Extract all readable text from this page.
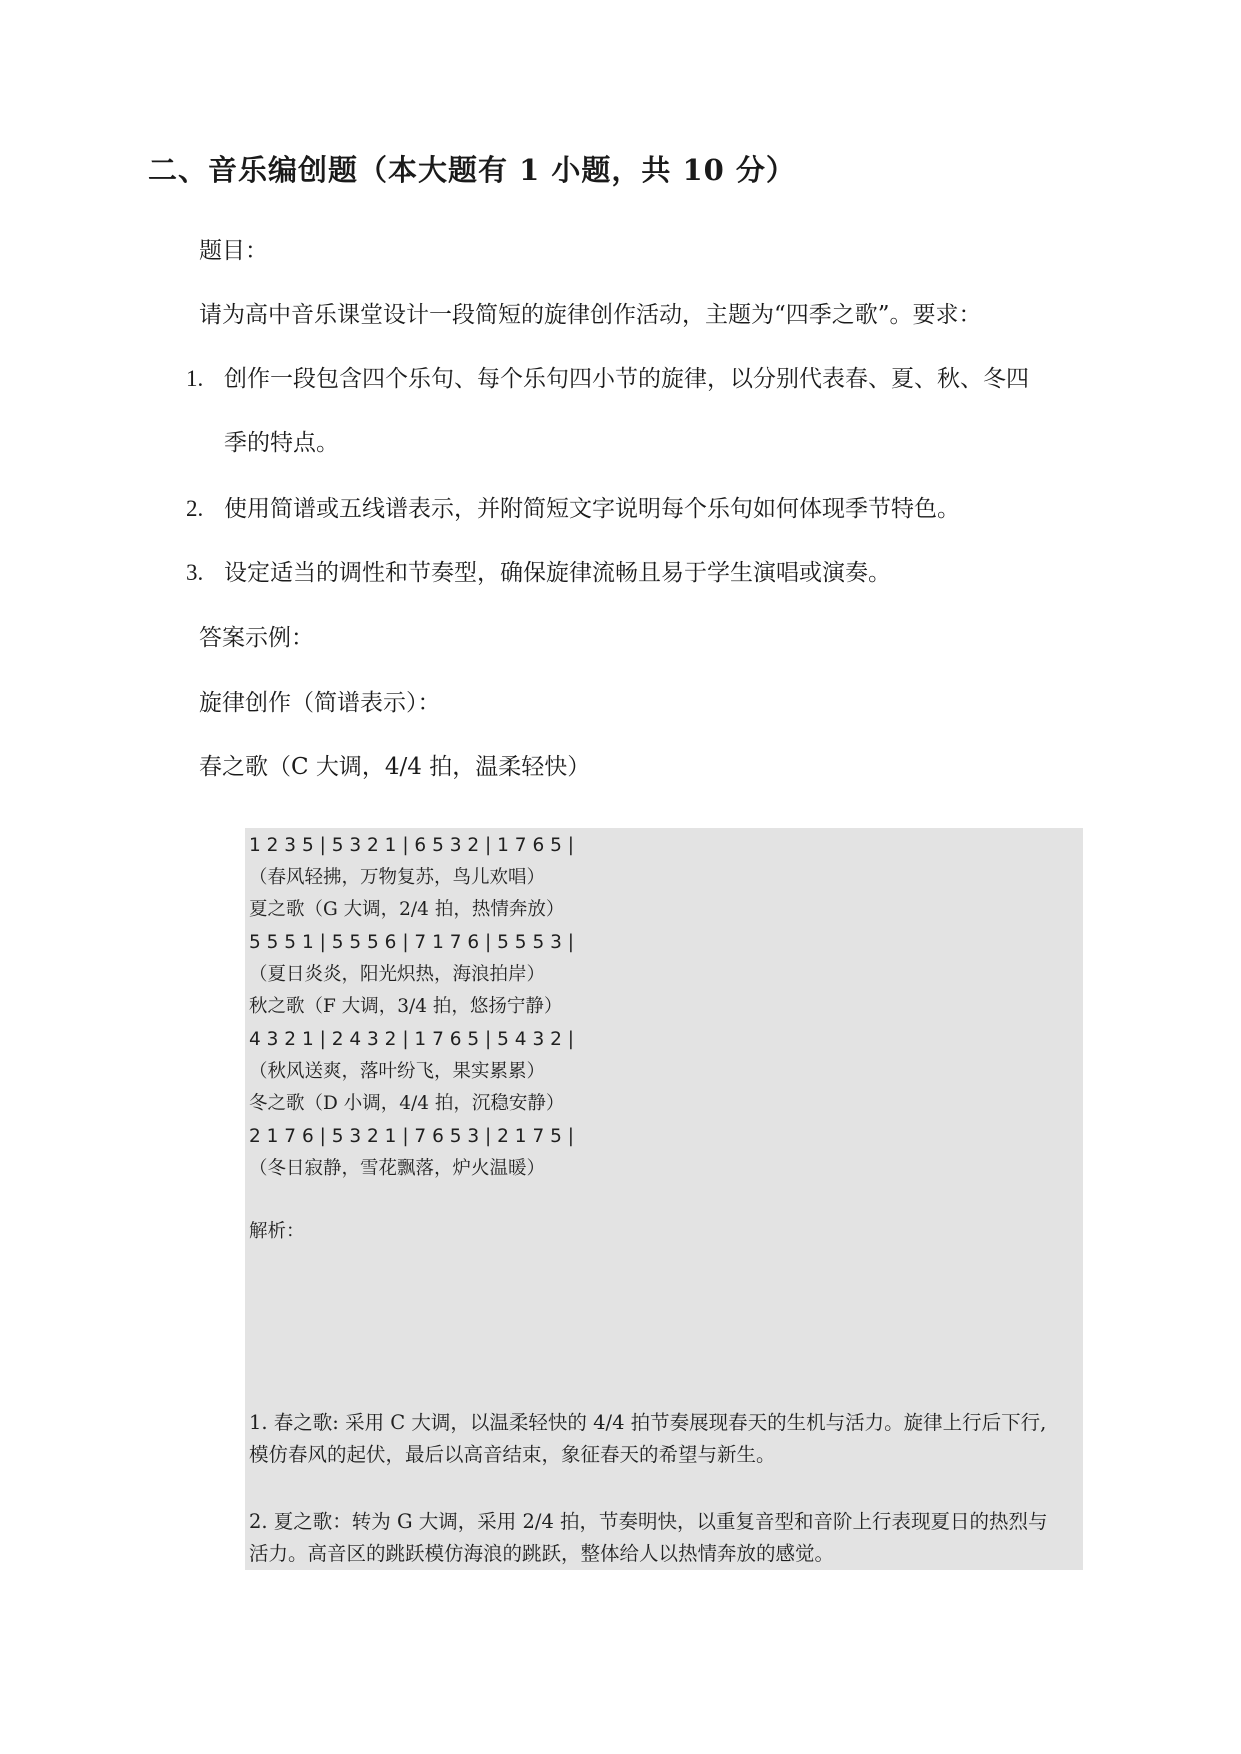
二、音乐编创题（本大题有 1 小题，共 10 分）
题目：
请为高中音乐课堂设计一段简短的旋律创作活动，主题为“四季之歌”。要求：
1. 创作一段包含四个乐句、每个乐句四小节的旋律，以分别代表春、夏、秋、冬四
季的特点。
2. 使用简谱或五线谱表示，并附简短文字说明每个乐句如何体现季节特色。
3. 设定适当的调性和节奏型，确保旋律流畅且易于学生演唱或演奏。
答案示例：
旋律创作（简谱表示）：
春之歌（C 大调，4/4 拍，温柔轻快）
1 2 3 5 | 5 3 2 1 | 6 5 3 2 | 1 7 6 5 |
（春风轻拂，万物复苏，鸟儿欢唱）
夏之歌（G 大调，2/4 拍，热情奔放）
5 5 5 1 | 5 5 5 6 | 7 1 7 6 | 5 5 5 3 |
（夏日炎炎，阳光炽热，海浪拍岸）
秋之歌（F 大调，3/4 拍，悠扬宁静）
4 3 2 1 | 2 4 3 2 | 1 7 6 5 | 5 4 3 2 |
（秋风送爽，落叶纷飞，果实累累）
冬之歌（D 小调，4/4 拍，沉稳安静）
2 1 7 6 | 5 3 2 1 | 7 6 5 3 | 2 1 7 5 |
（冬日寂静，雪花飘落，炉火温暖）
解析：
1. 春之歌: 采用 C 大调，以温柔轻快的 4/4 拍节奏展现春天的生机与活力。旋律上行后下行,
模仿春风的起伏，最后以高音结束，象征春天的希望与新生。
2. 夏之歌：转为 G 大调，采用 2/4 拍，节奏明快，以重复音型和音阶上行表现夏日的热烈与
活力。高音区的跳跃模仿海浪的跳跃，整体给人以热情奔放的感觉。
